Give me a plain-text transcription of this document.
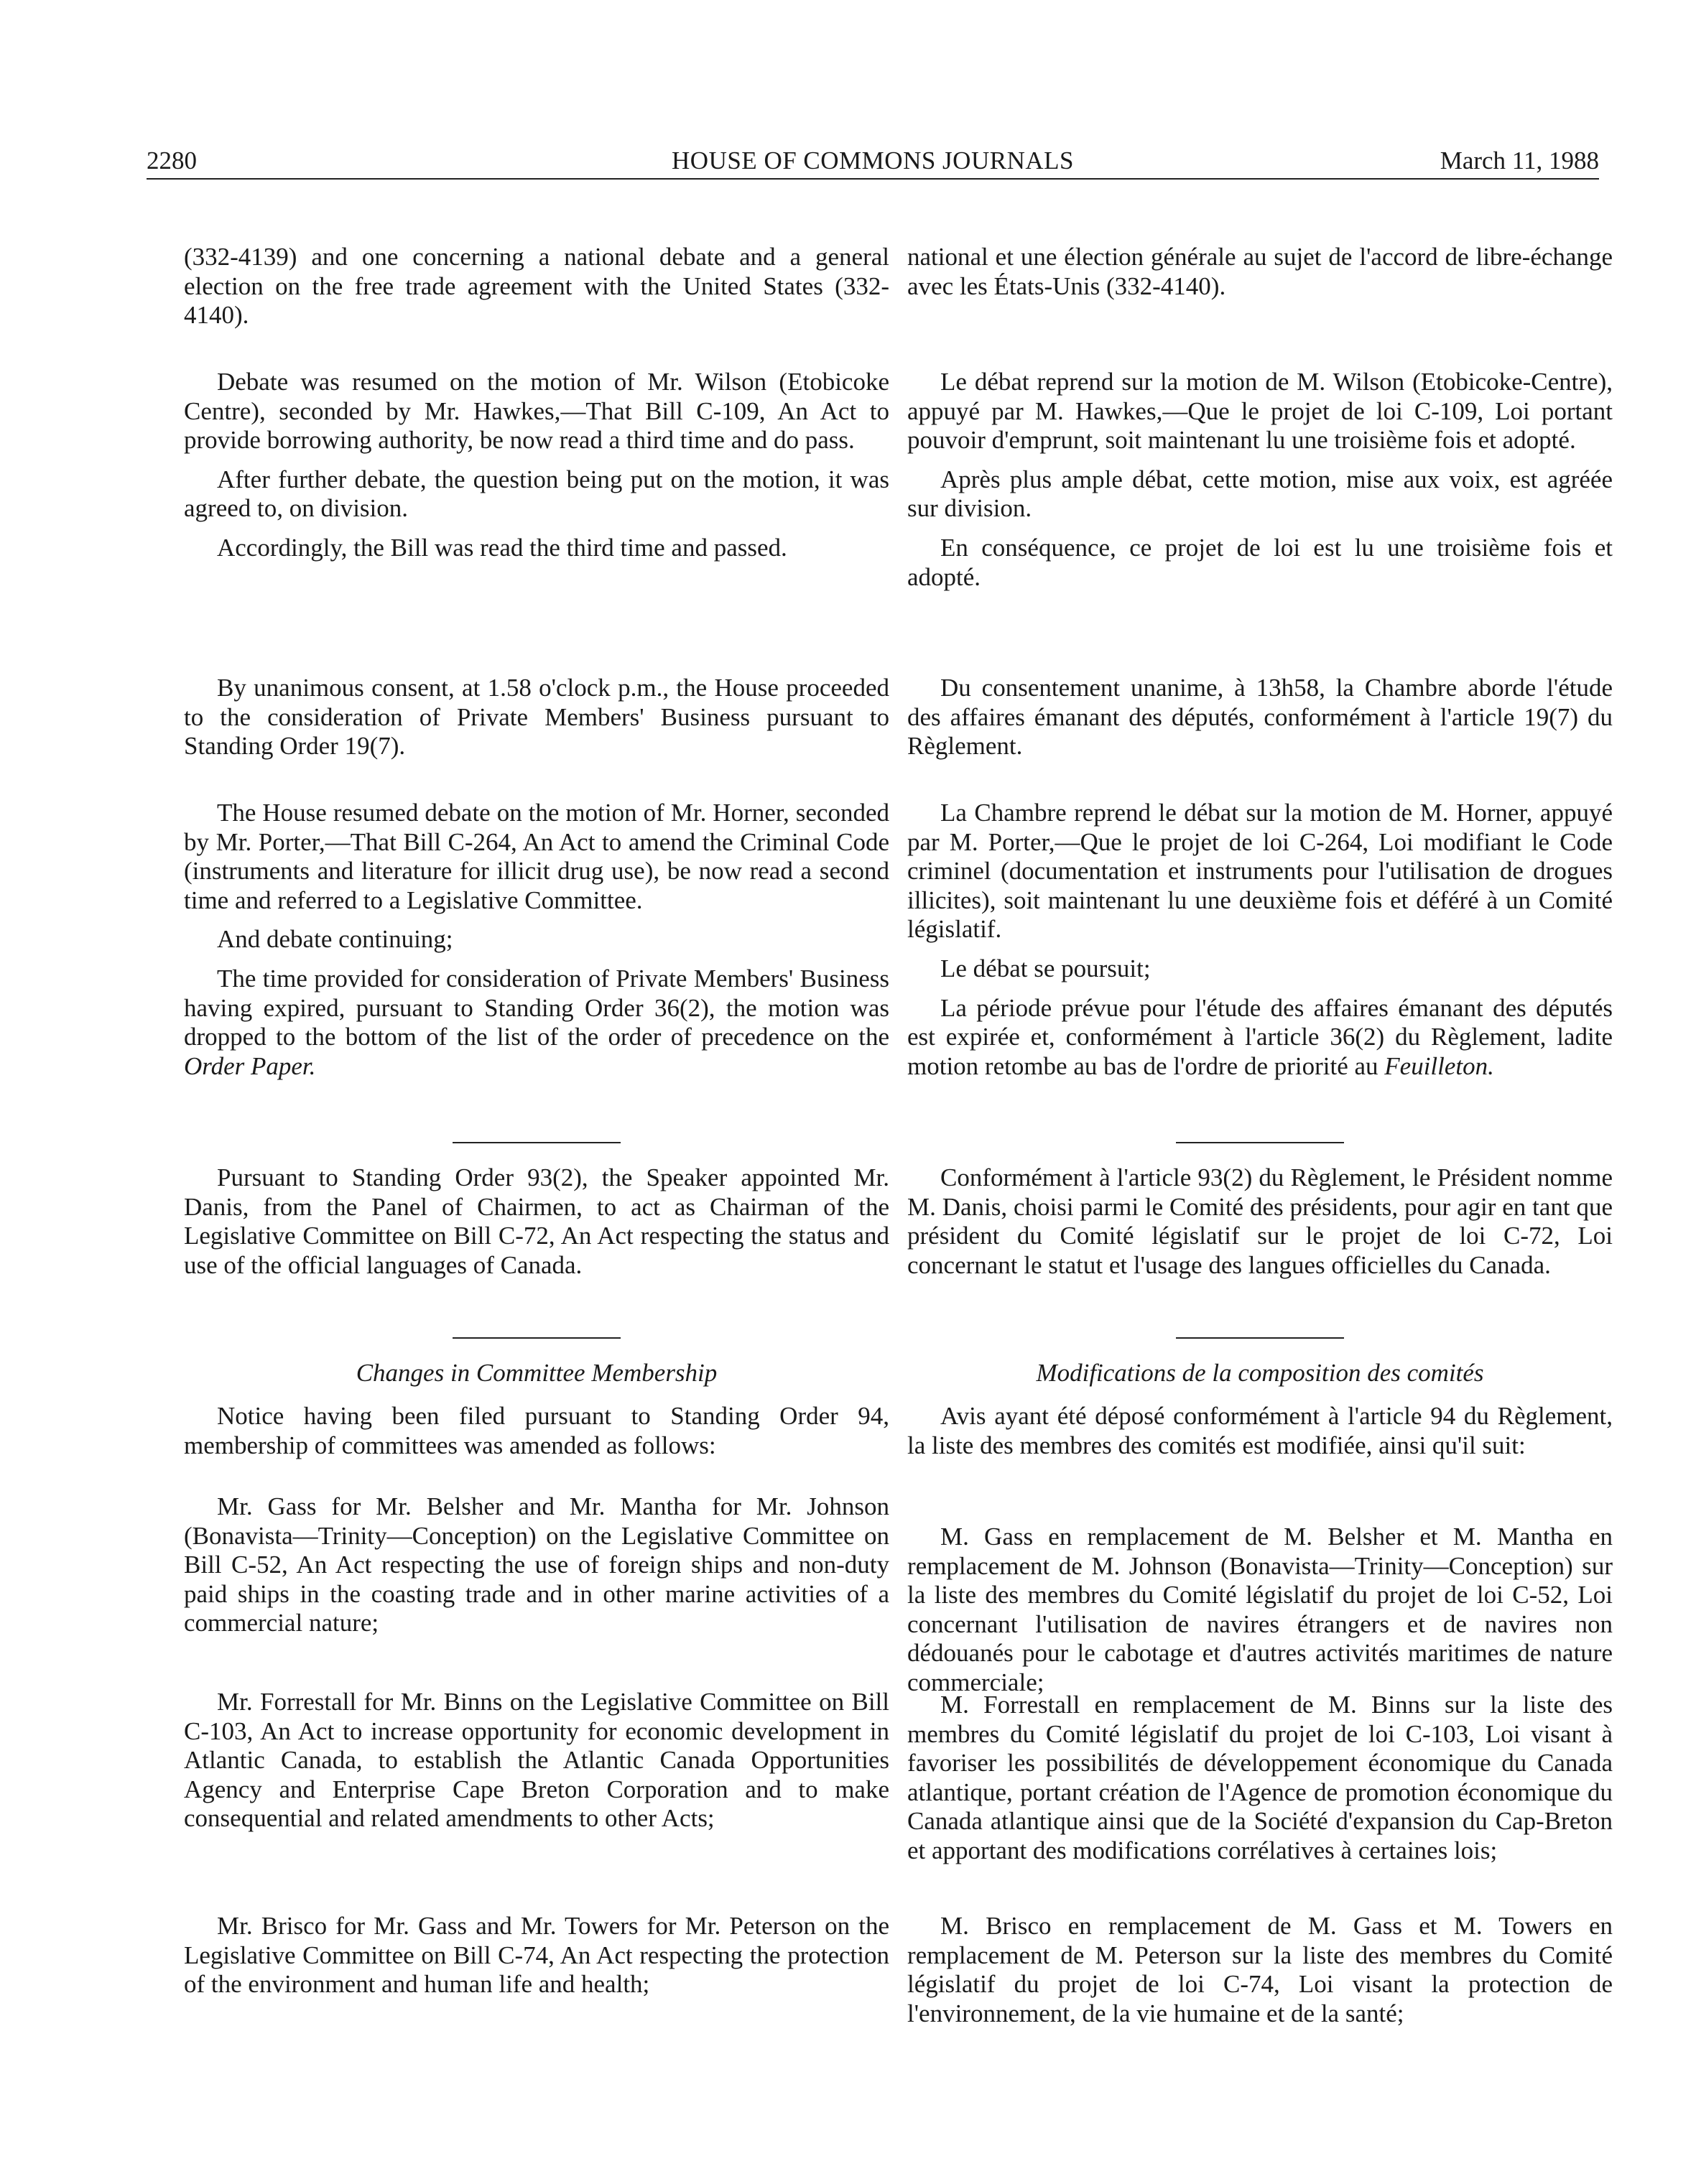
2280	HOUSE OF COMMONS JOURNALS	March 11, 1988

(332-4139) and one concerning a national debate and a general election on the free trade agreement with the United States (332-4140).

Debate was resumed on the motion of Mr. Wilson (Etobicoke Centre), seconded by Mr. Hawkes,—That Bill C-109, An Act to provide borrowing authority, be now read a third time and do pass.

After further debate, the question being put on the motion, it was agreed to, on division.

Accordingly, the Bill was read the third time and passed.

By unanimous consent, at 1.58 o'clock p.m., the House proceeded to the consideration of Private Members' Business pursuant to Standing Order 19(7).

The House resumed debate on the motion of Mr. Horner, seconded by Mr. Porter,—That Bill C-264, An Act to amend the Criminal Code (instruments and literature for illicit drug use), be now read a second time and referred to a Legislative Committee.

And debate continuing;

The time provided for consideration of Private Members' Business having expired, pursuant to Standing Order 36(2), the motion was dropped to the bottom of the list of the order of precedence on the Order Paper.

Pursuant to Standing Order 93(2), the Speaker appointed Mr. Danis, from the Panel of Chairmen, to act as Chairman of the Legislative Committee on Bill C-72, An Act respecting the status and use of the official languages of Canada.

Changes in Committee Membership

Notice having been filed pursuant to Standing Order 94, membership of committees was amended as follows:

Mr. Gass for Mr. Belsher and Mr. Mantha for Mr. Johnson (Bonavista—Trinity—Conception) on the Legislative Committee on Bill C-52, An Act respecting the use of foreign ships and non-duty paid ships in the coasting trade and in other marine activities of a commercial nature;

Mr. Forrestall for Mr. Binns on the Legislative Committee on Bill C-103, An Act to increase opportunity for economic development in Atlantic Canada, to establish the Atlantic Canada Opportunities Agency and Enterprise Cape Breton Corporation and to make consequential and related amendments to other Acts;

Mr. Brisco for Mr. Gass and Mr. Towers for Mr. Peterson on the Legislative Committee on Bill C-74, An Act respecting the protection of the environment and human life and health;

national et une élection générale au sujet de l'accord de libre-échange avec les États-Unis (332-4140).

Le débat reprend sur la motion de M. Wilson (Etobicoke-Centre), appuyé par M. Hawkes,—Que le projet de loi C-109, Loi portant pouvoir d'emprunt, soit maintenant lu une troisième fois et adopté.

Après plus ample débat, cette motion, mise aux voix, est agréée sur division.

En conséquence, ce projet de loi est lu une troisième fois et adopté.

Du consentement unanime, à 13h58, la Chambre aborde l'étude des affaires émanant des députés, conformément à l'article 19(7) du Règlement.

La Chambre reprend le débat sur la motion de M. Horner, appuyé par M. Porter,—Que le projet de loi C-264, Loi modifiant le Code criminel (documentation et instruments pour l'utilisation de drogues illicites), soit maintenant lu une deuxième fois et déféré à un Comité législatif.

Le débat se poursuit;

La période prévue pour l'étude des affaires émanant des députés est expirée et, conformément à l'article 36(2) du Règlement, ladite motion retombe au bas de l'ordre de priorité au Feuilleton.

Conformément à l'article 93(2) du Règlement, le Président nomme M. Danis, choisi parmi le Comité des présidents, pour agir en tant que président du Comité législatif sur le projet de loi C-72, Loi concernant le statut et l'usage des langues officielles du Canada.

Modifications de la composition des comités

Avis ayant été déposé conformément à l'article 94 du Règlement, la liste des membres des comités est modifiée, ainsi qu'il suit:

M. Gass en remplacement de M. Belsher et M. Mantha en remplacement de M. Johnson (Bonavista—Trinity—Conception) sur la liste des membres du Comité législatif du projet de loi C-52, Loi concernant l'utilisation de navires étrangers et de navires non dédouanés pour le cabotage et d'autres activités maritimes de nature commerciale;

M. Forrestall en remplacement de M. Binns sur la liste des membres du Comité législatif du projet de loi C-103, Loi visant à favoriser les possibilités de développement économique du Canada atlantique, portant création de l'Agence de promotion économique du Canada atlantique ainsi que de la Société d'expansion du Cap-Breton et apportant des modifications corrélatives à certaines lois;

M. Brisco en remplacement de M. Gass et M. Towers en remplacement de M. Peterson sur la liste des membres du Comité législatif du projet de loi C-74, Loi visant la protection de l'environnement, de la vie humaine et de la santé;
